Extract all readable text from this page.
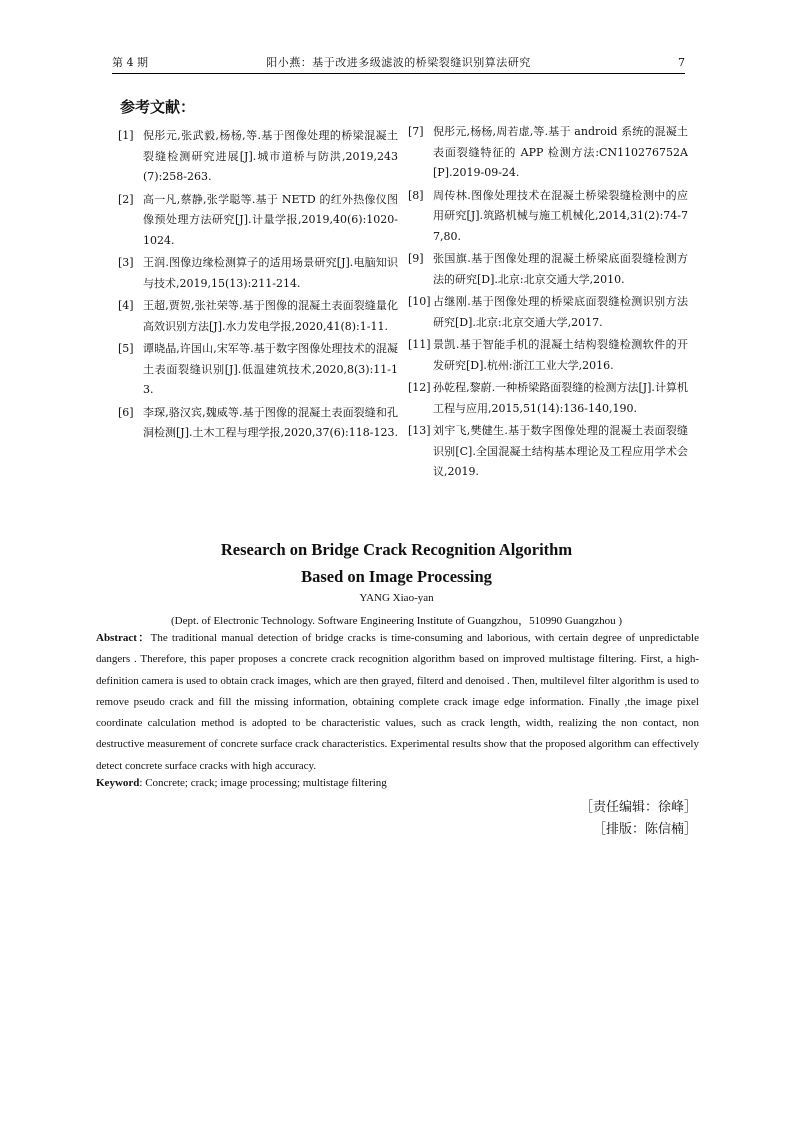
第 4 期	阳小燕：基于改进多级滤波的桥梁裂缝识别算法研究	7
参考文献：
[1] 倪彤元,张武毅,杨杨,等.基于图像处理的桥梁混凝土裂缝检测研究进展[J].城市道桥与防洪,2019,243(7):258-263.
[2] 高一凡,蔡静,张学聪等.基于 NETD 的红外热像仪图像预处理方法研究[J].计量学报,2019,40(6):1020-1024.
[3] 王润.图像边缘检测算子的适用场景研究[J].电脑知识与技术,2019,15(13):211-214.
[4] 王超,贾贺,张社荣等.基于图像的混凝土表面裂缝量化高效识别方法[J].水力发电学报,2020,41(8):1-11.
[5] 谭晓晶,许国山,宋军等.基于数字图像处理技术的混凝土表面裂缝识别[J].低温建筑技术,2020,8(3):11-13.
[6] 李琛,骆汉宾,魏威等.基于图像的混凝土表面裂缝和孔洞检测[J].土木工程与理学报,2020,37(6):118-123.
[7] 倪彤元,杨杨,周若虚,等.基于 android 系统的混凝土表面裂缝特征的 APP 检测方法:CN110276752A[P].2019-09-24.
[8] 周传林.图像处理技术在混凝土桥梁裂缝检测中的应用研究[J].筑路机械与施工机械化,2014,31(2):74-77,80.
[9] 张国旗.基于图像处理的混凝土桥梁底面裂缝检测方法的研究[D].北京:北京交通大学,2010.
[10] 占继刚.基于图像处理的桥梁底面裂缝检测识别方法研究[D].北京:北京交通大学,2017.
[11] 景凯.基于智能手机的混凝土结构裂缝检测软件的开发研究[D].杭州:浙江工业大学,2016.
[12] 孙乾程,黎蔚.一种桥梁路面裂缝的检测方法[J].计算机工程与应用,2015,51(14):136-140,190.
[13] 刘宇飞,樊健生.基于数字图像处理的混凝土表面裂缝识别[C].全国混凝土结构基本理论及工程应用学术会议,2019.
Research on Bridge Crack Recognition Algorithm
Based on Image Processing
YANG Xiao-yan
(Dept. of Electronic Technology. Software Engineering Institute of Guangzhou，510990 Guangzhou )
Abstract：The traditional manual detection of bridge cracks is time-consuming and laborious, with certain degree of unpredictable dangers . Therefore, this paper proposes a concrete crack recognition algorithm based on improved multistage filtering. First, a high-definition camera is used to obtain crack images, which are then grayed, filterd and denoised . Then, multilevel filter algorithm is used to remove pseudo crack and fill the missing information, obtaining complete crack image edge information. Finally ,the image pixel coordinate calculation method is adopted to be characteristic values, such as crack length, width, realizing the non contact, non destructive measurement of concrete surface crack characteristics. Experimental results show that the proposed algorithm can effectively detect concrete surface cracks with high accuracy.
Keyword: Concrete; crack; image processing; multistage filtering
［责任编辑：徐峰］
［排版：陈信楠］
